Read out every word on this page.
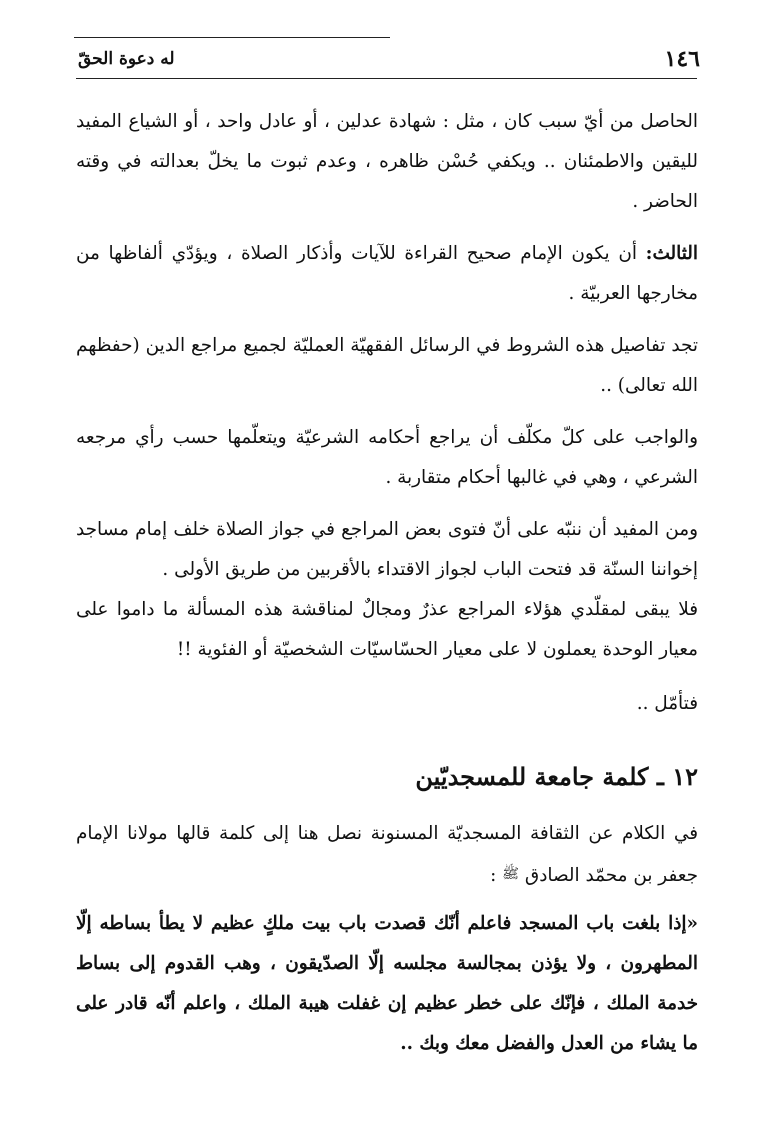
١٤٦
له دعوة الحقّ

الحاصل من أيّ سبب كان ، مثل : شهادة عدلين ، أو عادل واحد ، أو الشياع المفيد لليقين والاطمئنان .. ويكفي حُسْن ظاهره ، وعدم ثبوت ما يخلّ بعدالته في وقته الحاضر .

الثالث: أن يكون الإمام صحيح القراءة للآيات وأذكار الصلاة ، ويؤدّي ألفاظها من مخارجها العربيّة .

تجد تفاصيل هذه الشروط في الرسائل الفقهيّة العمليّة لجميع مراجع الدين (حفظهم الله تعالى) ..

والواجب على كلّ مكلّف أن يراجع أحكامه الشرعيّة ويتعلّمها حسب رأي مرجعه الشرعي ، وهي في غالبها أحكام متقاربة .

ومن المفيد أن ننبّه على أنّ فتوى بعض المراجع في جواز الصلاة خلف إمام مساجد إخواننا السنّة قد فتحت الباب لجواز الاقتداء بالأقربين من طريق الأولى .

فلا يبقى لمقلّدي هؤلاء المراجع عذرٌ ومجالٌ لمناقشة هذه المسألة ما داموا على معيار الوحدة يعملون لا على معيار الحسّاسيّات الشخصيّة أو الفئوية !!

فتأمّل ..

١٢ ـ كلمة جامعة للمسجديّين

في الكلام عن الثقافة المسجديّة المسنونة نصل هنا إلى كلمة قالها مولانا الإمام جعفر بن محمّد الصادق ﷺ :

«إذا بلغت باب المسجد فاعلم أنّك قصدت باب بيت ملكٍ عظيم لا يطأ بساطه إلّا المطهرون ، ولا يؤذن بمجالسة مجلسه إلّا الصدّيقون ، وهب القدوم إلى بساط خدمة الملك ، فإنّك على خطر عظيم إن غفلت هيبة الملك ، واعلم أنّه قادر على ما يشاء من العدل والفضل معك وبك ..
